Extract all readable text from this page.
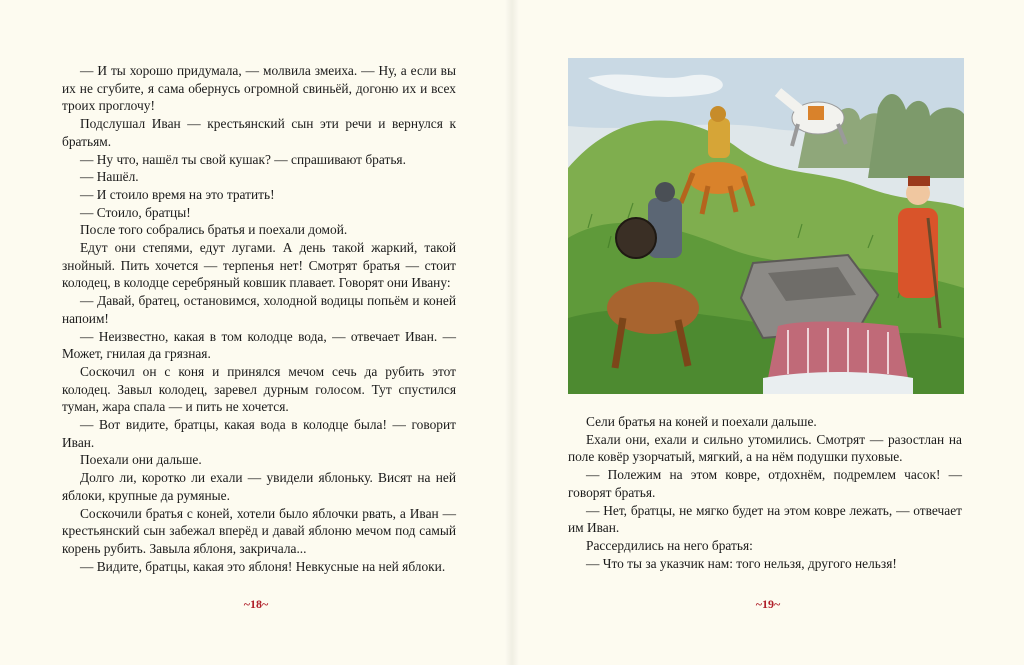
— И ты хорошо придумала, — молвила змеиха. — Ну, а если вы их не сгубите, я сама обернусь огромной свиньёй, догоню их и всех троих проглочу!

Подслушал Иван — крестьянский сын эти речи и вернулся к братьям.

— Ну что, нашёл ты свой кушак? — спрашивают братья.

— Нашёл.

— И стоило время на это тратить!

— Стоило, братцы!

После того собрались братья и поехали домой.

Едут они степями, едут лугами. А день такой жаркий, такой знойный. Пить хочется — терпенья нет! Смотрят братья — стоит колодец, в колодце серебряный ковшик плавает. Говорят они Ивану:

— Давай, братец, остановимся, холодной водицы попьём и коней напоим!

— Неизвестно, какая в том колодце вода, — отвечает Иван. — Может, гнилая да грязная.

Соскочил он с коня и принялся мечом сечь да рубить этот колодец. Завыл колодец, заревел дурным голосом. Тут спустился туман, жара спала — и пить не хочется.

— Вот видите, братцы, какая вода в колодце была! — говорит Иван.

Поехали они дальше.

Долго ли, коротко ли ехали — увидели яблоньку. Висят на ней яблоки, крупные да румяные.

Соскочили братья с коней, хотели было яблочки рвать, а Иван — крестьянский сын забежал вперёд и давай яблоню мечом под самый корень рубить. Завыла яблоня, закричала...

— Видите, братцы, какая это яблоня! Невкусные на ней яблоки.

~18~

Сели братья на коней и поехали дальше.

Ехали они, ехали и сильно утомились. Смотрят — разостлан на поле ковёр узорчатый, мягкий, а на нём подушки пуховые.

— Полежим на этом ковре, отдохнём, подремлем часок! — говорят братья.

— Нет, братцы, не мягко будет на этом ковре лежать, — отвечает им Иван.

Рассердились на него братья:

— Что ты за указчик нам: того нельзя, другого нельзя!

~19~
